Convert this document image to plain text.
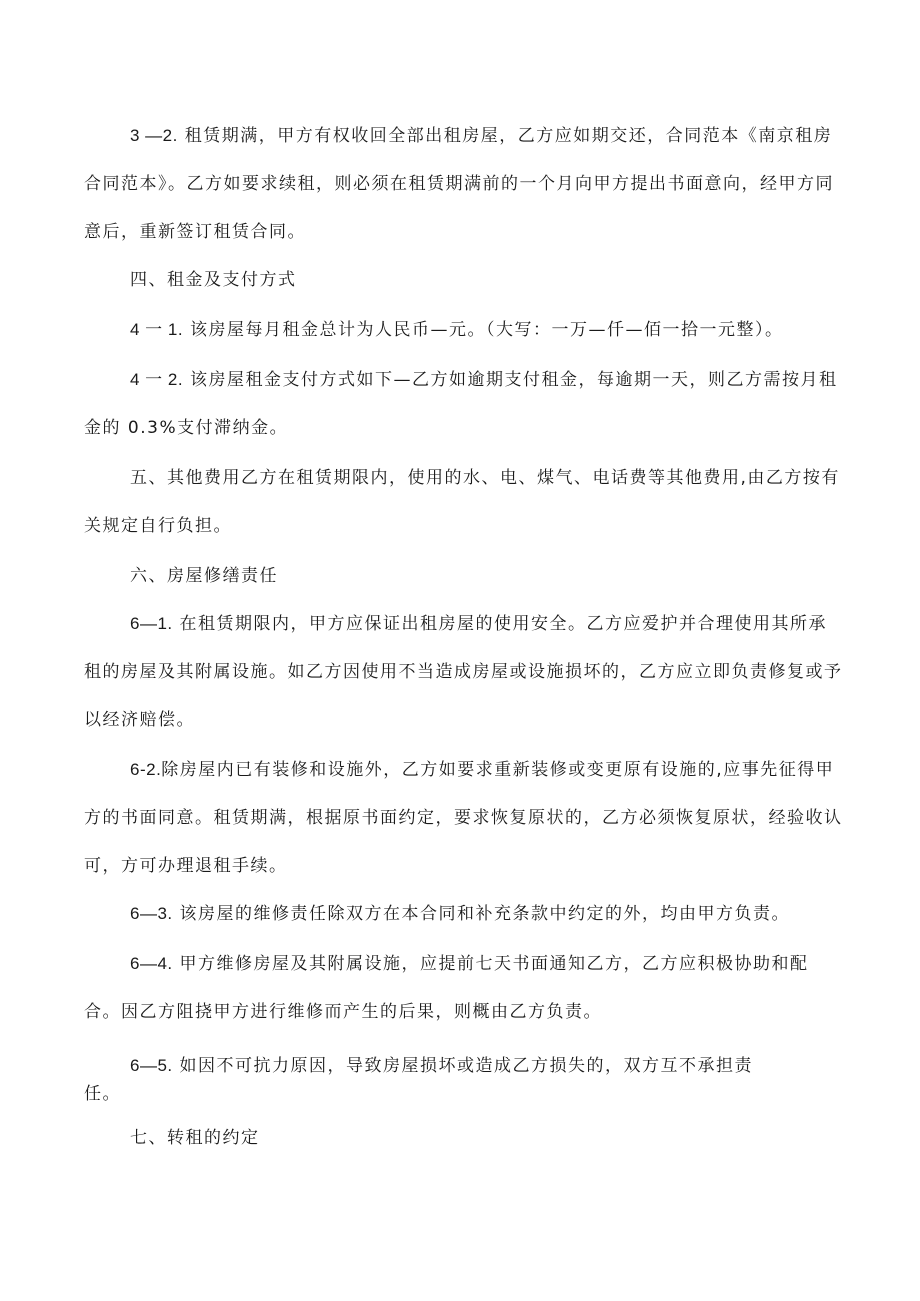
3 —2. 租赁期满，甲方有权收回全部出租房屋，乙方应如期交还，合同范本《南京租房合同范本》。乙方如要求续租，则必须在租赁期满前的一个月向甲方提出书面意向，经甲方同意后，重新签订租赁合同。

四、租金及支付方式

4 一 1. 该房屋每月租金总计为人民币—元。（大写：一万—仟—佰一拾一元整）。

4 一 2. 该房屋租金支付方式如下—乙方如逾期支付租金，每逾期一天，则乙方需按月租金的 0.3%支付滞纳金。

五、其他费用乙方在租赁期限内，使用的水、电、煤气、电话费等其他费用,由乙方按有关规定自行负担。

六、房屋修缮责任

6—1. 在租赁期限内，甲方应保证出租房屋的使用安全。乙方应爱护并合理使用其所承租的房屋及其附属设施。如乙方因使用不当造成房屋或设施损坏的，乙方应立即负责修复或予以经济赔偿。

6-2.除房屋内已有装修和设施外，乙方如要求重新装修或变更原有设施的,应事先征得甲方的书面同意。租赁期满，根据原书面约定，要求恢复原状的，乙方必须恢复原状，经验收认可，方可办理退租手续。

6—3. 该房屋的维修责任除双方在本合同和补充条款中约定的外，均由甲方负责。

6—4. 甲方维修房屋及其附属设施，应提前七天书面通知乙方，乙方应积极协助和配合。因乙方阻挠甲方进行维修而产生的后果，则概由乙方负责。

6—5. 如因不可抗力原因，导致房屋损坏或造成乙方损失的，双方互不承担责任。

七、转租的约定
